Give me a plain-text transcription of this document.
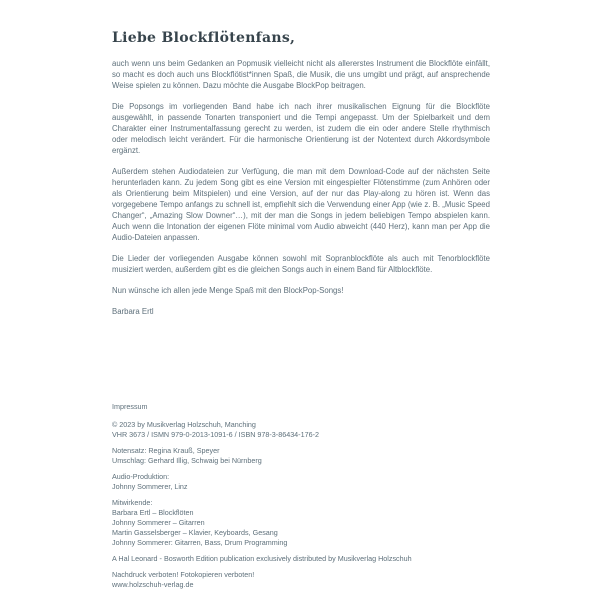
Liebe Blockflötenfans,

auch wenn uns beim Gedanken an Popmusik vielleicht nicht als allererstes Instrument die Blockflöte einfällt, so macht es doch auch uns Blockflötist*innen Spaß, die Musik, die uns umgibt und prägt, auf ansprechende Weise spielen zu können. Dazu möchte die Ausgabe BlockPop beitragen.

Die Popsongs im vorliegenden Band habe ich nach ihrer musikalischen Eignung für die Blockflöte ausgewählt, in passende Tonarten transponiert und die Tempi angepasst. Um der Spielbarkeit und dem Charakter einer Instrumentalfassung gerecht zu werden, ist zudem die ein oder andere Stelle rhythmisch oder melodisch leicht verändert. Für die harmonische Orientierung ist der Notentext durch Akkordsymbole ergänzt.

Außerdem stehen Audiodateien zur Verfügung, die man mit dem Download-Code auf der nächsten Seite herunterladen kann. Zu jedem Song gibt es eine Version mit eingespielter Flötenstimme (zum Anhören oder als Orientierung beim Mitspielen) und eine Version, auf der nur das Play-along zu hören ist. Wenn das vorgegebene Tempo anfangs zu schnell ist, empfiehlt sich die Verwendung einer App (wie z. B. „Music Speed Changer“, „Amazing Slow Downer“…), mit der man die Songs in jedem beliebigen Tempo abspielen kann. Auch wenn die Intonation der eigenen Flöte minimal vom Audio abweicht (440 Herz), kann man per App die Audio-Dateien anpassen.

Die Lieder der vorliegenden Ausgabe können sowohl mit Sopranblockflöte als auch mit Tenorblockflöte musiziert werden, außerdem gibt es die gleichen Songs auch in einem Band für Altblockflöte.

Nun wünsche ich allen jede Menge Spaß mit den BlockPop-Songs!

Barbara Ertl

Impressum

© 2023 by Musikverlag Holzschuh, Manching

VHR 3673 / ISMN 979-0-2013-1091-6 / ISBN 978-3-86434-176-2

Notensatz: Regina Krauß, Speyer

Umschlag: Gerhard Illig, Schwaig bei Nürnberg

Audio-Produktion:

Johnny Sommerer, Linz

Mitwirkende:

Barbara Ertl – Blockflöten

Johnny Sommerer – Gitarren

Martin Gasselsberger – Klavier, Keyboards, Gesang

Johnny Sommerer: Gitarren, Bass, Drum Programming

A Hal Leonard - Bosworth Edition publication exclusively distributed by Musikverlag Holzschuh

Nachdruck verboten! Fotokopieren verboten!

www.holzschuh-verlag.de
